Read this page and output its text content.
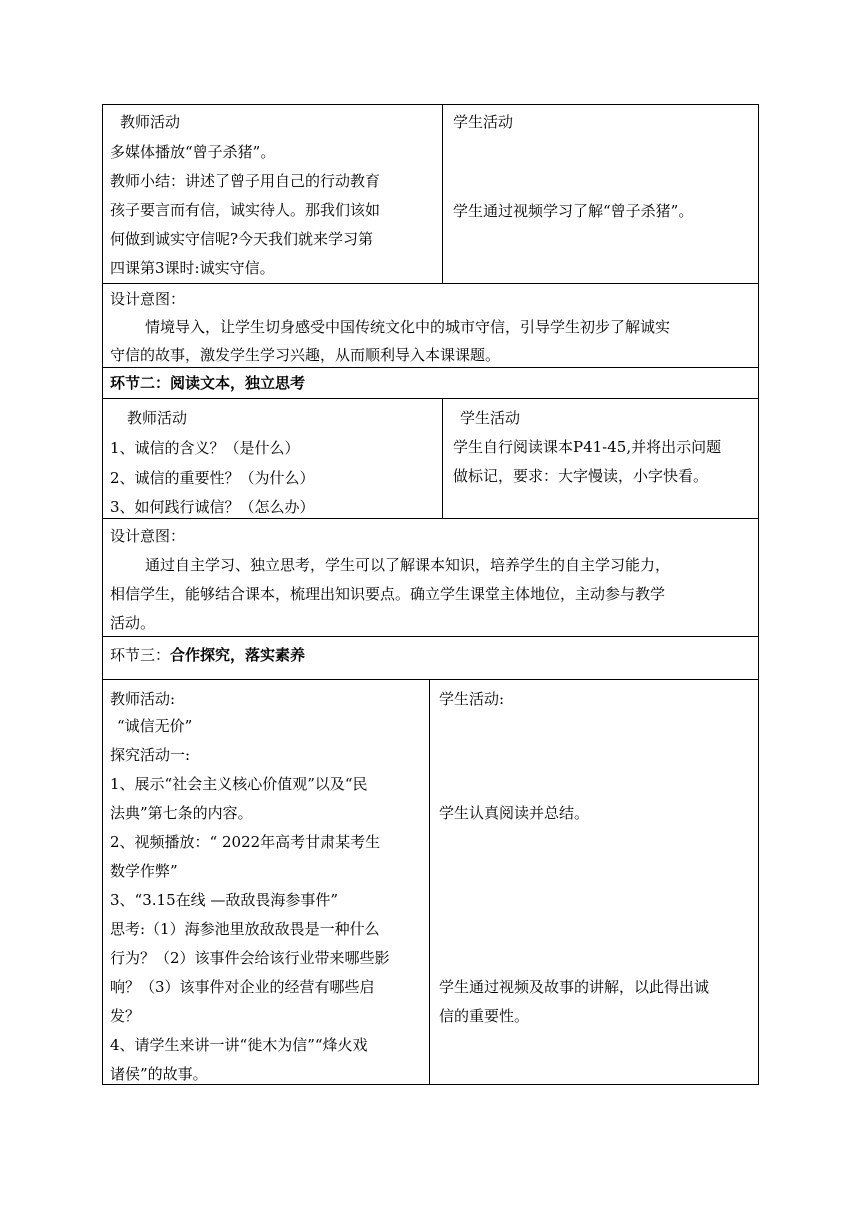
教师活动
多媒体播放“曾子杀猪”。
教师小结：讲述了曾子用自己的行动教育
孩子要言而有信，诚实待人。那我们该如
何做到诚实守信呢?今天我们就来学习第
四课第3课时:诚实守信。
学生活动
学生通过视频学习了解“曾子杀猪”。
设计意图：
情境导入，让学生切身感受中国传统文化中的城市守信，引导学生初步了解诚实
守信的故事，激发学生学习兴趣，从而顺利导入本课课题。
环节二：阅读文本，独立思考
教师活动
1、诚信的含义？（是什么）
2、诚信的重要性？（为什么）
3、如何践行诚信？（怎么办）
学生活动
学生自行阅读课本P41-45,并将出示问题
做标记，要求：大字慢读，小字快看。
设计意图：
通过自主学习、独立思考，学生可以了解课本知识，培养学生的自主学习能力，
相信学生，能够结合课本，梳理出知识要点。确立学生课堂主体地位，主动参与教学
活动。
环节三：合作探究，落实素养
教师活动:
“诚信无价”
探究活动一:
1、展示“社会主义核心价值观”以及“民
法典”第七条的内容。
2、视频播放：“ 2022年高考甘肃某考生
数学作弊”
3、“3.15在线 —敌敌畏海参事件”
思考:（1）海参池里放敌敌畏是一种什么
行为？（2）该事件会给该行业带来哪些影
响？（3）该事件对企业的经营有哪些启
发？
4、请学生来讲一讲“徙木为信”“烽火戏
诸侯”的故事。
学生活动:
学生认真阅读并总结。
学生通过视频及故事的讲解，以此得出诚
信的重要性。
